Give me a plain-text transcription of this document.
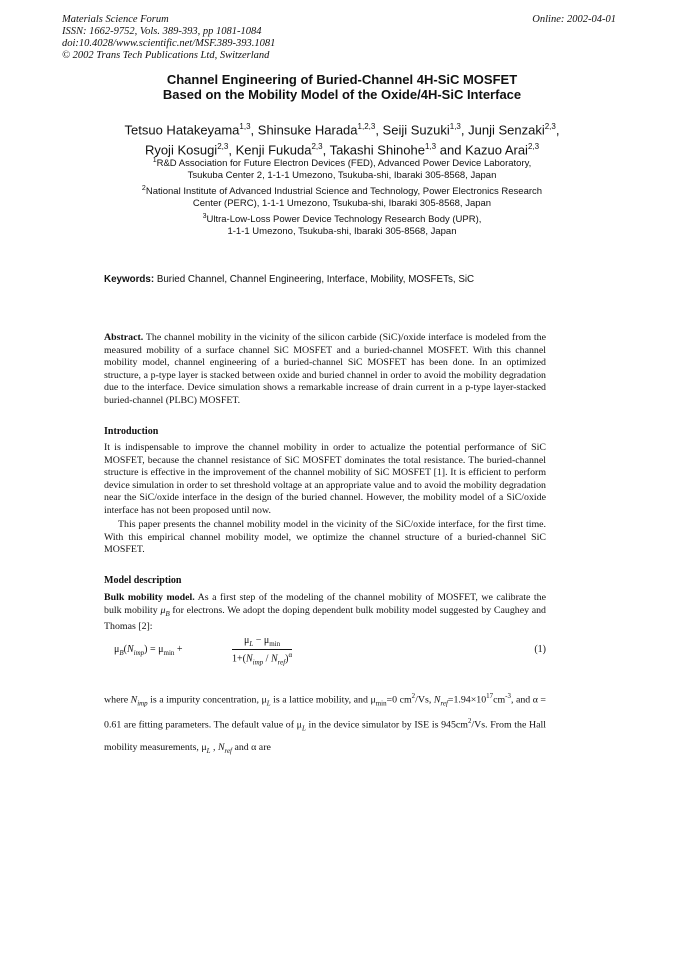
Materials Science Forum
ISSN: 1662-9752, Vols. 389-393, pp 1081-1084
doi:10.4028/www.scientific.net/MSF.389-393.1081
© 2002 Trans Tech Publications Ltd, Switzerland
Online: 2002-04-01
Channel Engineering of Buried-Channel 4H-SiC MOSFET
Based on the Mobility Model of the Oxide/4H-SiC Interface
Tetsuo Hatakeyama$^{1,3}$, Shinsuke Harada$^{1,2,3}$, Seiji Suzuki$^{1,3}$, Junji Senzaki$^{2,3}$,
Ryoji Kosugi$^{2,3}$, Kenji Fukuda$^{2,3}$, Takashi Shinohe$^{1,3}$ and Kazuo Arai$^{2,3}$
$^1$R&D Association for Future Electron Devices (FED), Advanced Power Device Laboratory,
Tsukuba Center 2, 1-1-1 Umezono, Tsukuba-shi, Ibaraki 305-8568, Japan
$^2$National Institute of Advanced Industrial Science and Technology, Power Electronics Research
Center (PERC), 1-1-1 Umezono, Tsukuba-shi, Ibaraki 305-8568, Japan
$^3$Ultra-Low-Loss Power Device Technology Research Body (UPR),
1-1-1 Umezono, Tsukuba-shi, Ibaraki 305-8568, Japan
Keywords: Buried Channel, Channel Engineering, Interface, Mobility, MOSFETs, SiC
Abstract. The channel mobility in the vicinity of the silicon carbide (SiC)/oxide interface is modeled from the measured mobility of a surface channel SiC MOSFET and a buried-channel MOSFET. With this channel mobility model, channel engineering of a buried-channel SiC MOSFET has been done. In an optimized structure, a p-type layer is stacked between oxide and buried channel in order to avoid the mobility degradation due to the interface. Device simulation shows a remarkable increase of drain current in a p-type layer-stacked buried-channel (PLBC) MOSFET.
Introduction
It is indispensable to improve the channel mobility in order to actualize the potential performance of SiC MOSFET, because the channel resistance of SiC MOSFET dominates the total resistance. The buried-channel structure is effective in the improvement of the channel mobility of SiC MOSFET [1]. It is efficient to perform device simulation in order to set threshold voltage at an appropriate value and to avoid the mobility degradation near the SiC/oxide interface in the design of the buried channel. However, the mobility model of a SiC/oxide interface has not been proposed until now.
This paper presents the channel mobility model in the vicinity of the SiC/oxide interface, for the first time. With this empirical channel mobility model, we optimize the channel structure of a buried-channel SiC MOSFET.
Model description
Bulk mobility model. As a first step of the modeling of the channel mobility of MOSFET, we calibrate the bulk mobility $\mu_B$ for electrons. We adopt the doping dependent bulk mobility model suggested by Caughey and Thomas [2]:
$\mu_B(N_{imp}) = \mu_{min}$ +
$\mu_L - \mu_{min}$
$1+(N_{imp} / N_{ref})^\alpha$	(1)
where $N_{imp}$ is a impurity concentration, $\mu_L$ is a lattice mobility, and $\mu_{min}=0$ $cm^2/Vs$, $N_{ref}=1.94\times 10^{17}cm^{-3}$, and α = 0.61 are fitting parameters. The default value of $\mu_L$ in the device simulator by ISE is $945cm^2/Vs$. From the Hall mobility measurements, $\mu_L$ , $N_{ref}$ and α are
